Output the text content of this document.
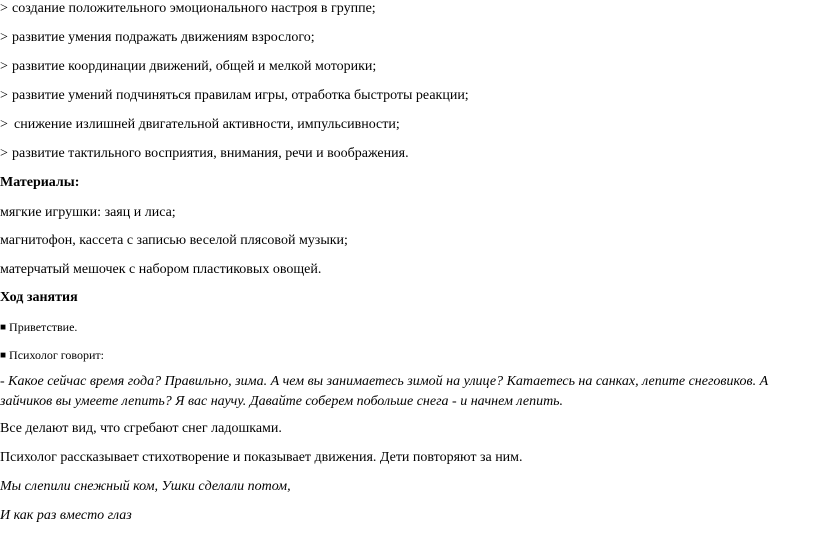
> создание положительного эмоционального настроя в группе;
> развитие умения подражать движениям взрослого;
> развитие координации движений, общей и мелкой моторики;
> развитие умений подчиняться правилам игры, отработка быстроты реакции;
> снижение излишней двигательной активности, импульсивности;
> развитие тактильного восприятия, внимания, речи и воображения.
Материалы:
мягкие игрушки: заяц и лиса;
магнитофон, кассета с записью веселой плясовой музыки;
матерчатый мешочек с набором пластиковых овощей.
Ход занятия
■ Приветствие.
■ Психолог говорит:
- Какое сейчас время года? Правильно, зима. А чем вы занимаетесь зимой на улице? Катаетесь на санках, лепите снеговиков. А зайчиков вы умеете лепить? Я вас научу. Давайте соберем побольше снега - и начнем лепить.
Все делают вид, что сгребают снег ладошками.
Психолог рассказывает стихотворение и показывает движения. Дети повторяют за ним.
Мы слепили снежный ком, Ушки сделали потом,
И как раз вместо глаз
